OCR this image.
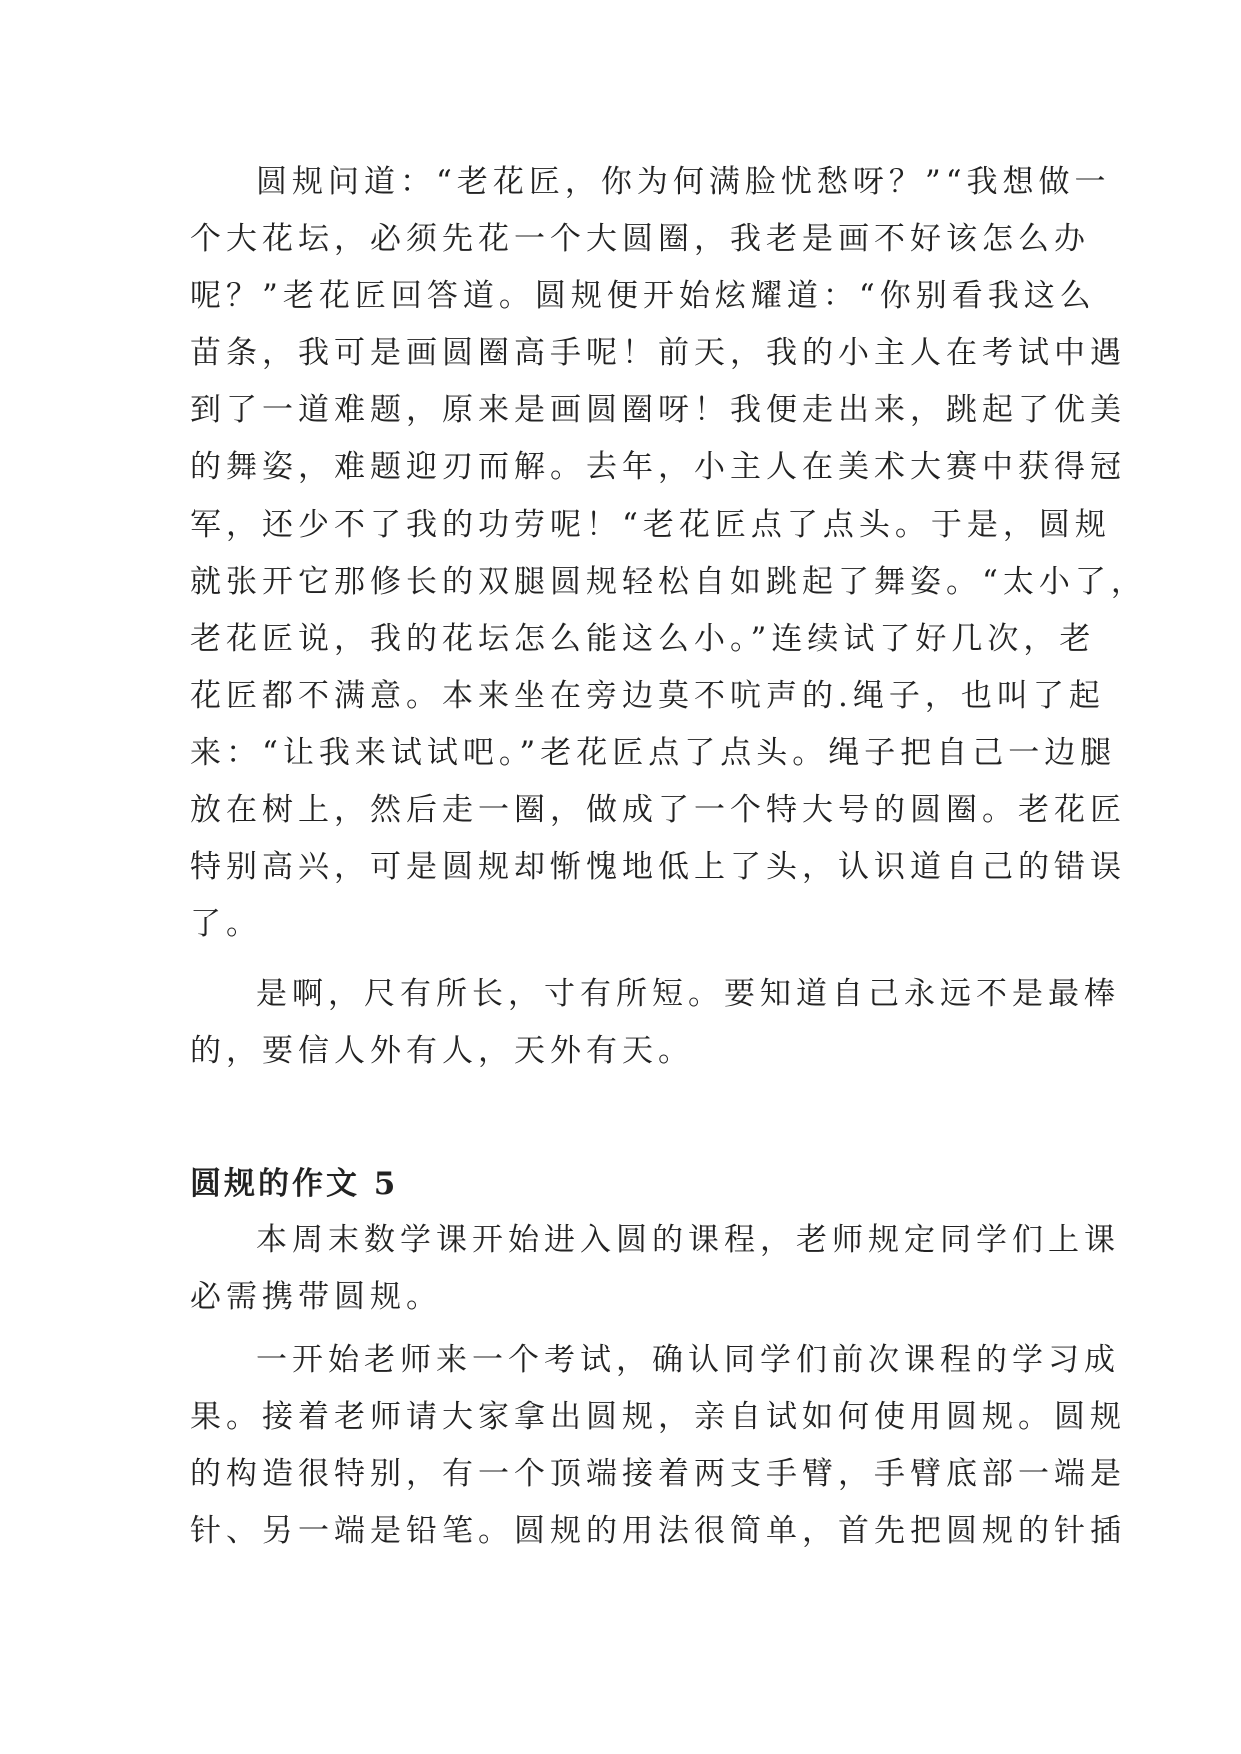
圆规问道：“老花匠，你为何满脸忧愁呀？”“我想做一

个大花坛，必须先花一个大圆圈，我老是画不好该怎么办

呢？”老花匠回答道。圆规便开始炫耀道：“你别看我这么

苗条，我可是画圆圈高手呢！前天，我的小主人在考试中遇

到了一道难题，原来是画圆圈呀！我便走出来，跳起了优美

的舞姿，难题迎刃而解。去年，小主人在美术大赛中获得冠

军，还少不了我的功劳呢！“老花匠点了点头。于是，圆规

就张开它那修长的双腿圆规轻松自如跳起了舞姿。“太小了，

老花匠说，我的花坛怎么能这么小。”连续试了好几次，老

花匠都不满意。本来坐在旁边莫不吭声的.绳子，也叫了起

来：“让我来试试吧。”老花匠点了点头。绳子把自己一边腿

放在树上，然后走一圈，做成了一个特大号的圆圈。老花匠

特别高兴，可是圆规却惭愧地低上了头，认识道自己的错误

了。

是啊，尺有所长，寸有所短。要知道自己永远不是最棒

的，要信人外有人，天外有天。

圆规的作文 5

本周末数学课开始进入圆的课程，老师规定同学们上课

必需携带圆规。

一开始老师来一个考试，确认同学们前次课程的学习成

果。接着老师请大家拿出圆规，亲自试如何使用圆规。圆规

的构造很特别，有一个顶端接着两支手臂，手臂底部一端是

针、另一端是铅笔。圆规的用法很简单，首先把圆规的针插
